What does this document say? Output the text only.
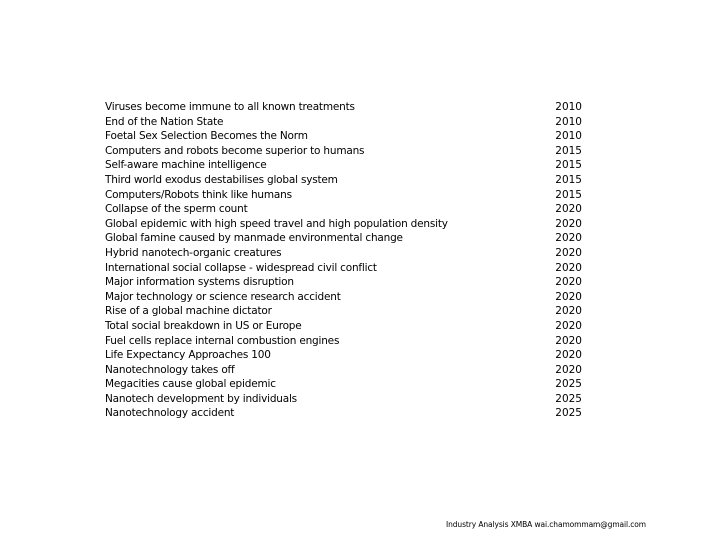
Viruses become immune to all known treatments	2010
End of the Nation State	2010
Foetal Sex Selection Becomes the Norm	2010
Computers and robots become superior to humans	2015
Self-aware machine intelligence	2015
Third world exodus destabilises global system	2015
Computers/Robots think like humans	2015
Collapse of the sperm count	2020
Global epidemic with high speed travel and high population density	2020
Global famine caused by manmade environmental change	2020
Hybrid nanotech-organic creatures	2020
International social collapse - widespread civil conflict	2020
Major information systems disruption	2020
Major technology or science research accident	2020
Rise of a global machine dictator	2020
Total social breakdown in US or Europe	2020
Fuel cells replace internal combustion engines	2020
Life Expectancy Approaches 100	2020
Nanotechnology takes off	2020
Megacities cause global epidemic	2025
Nanotech development by individuals	2025
Nanotechnology accident	2025
Industry Analysis XMBA wai.chamommam@gmail.com
